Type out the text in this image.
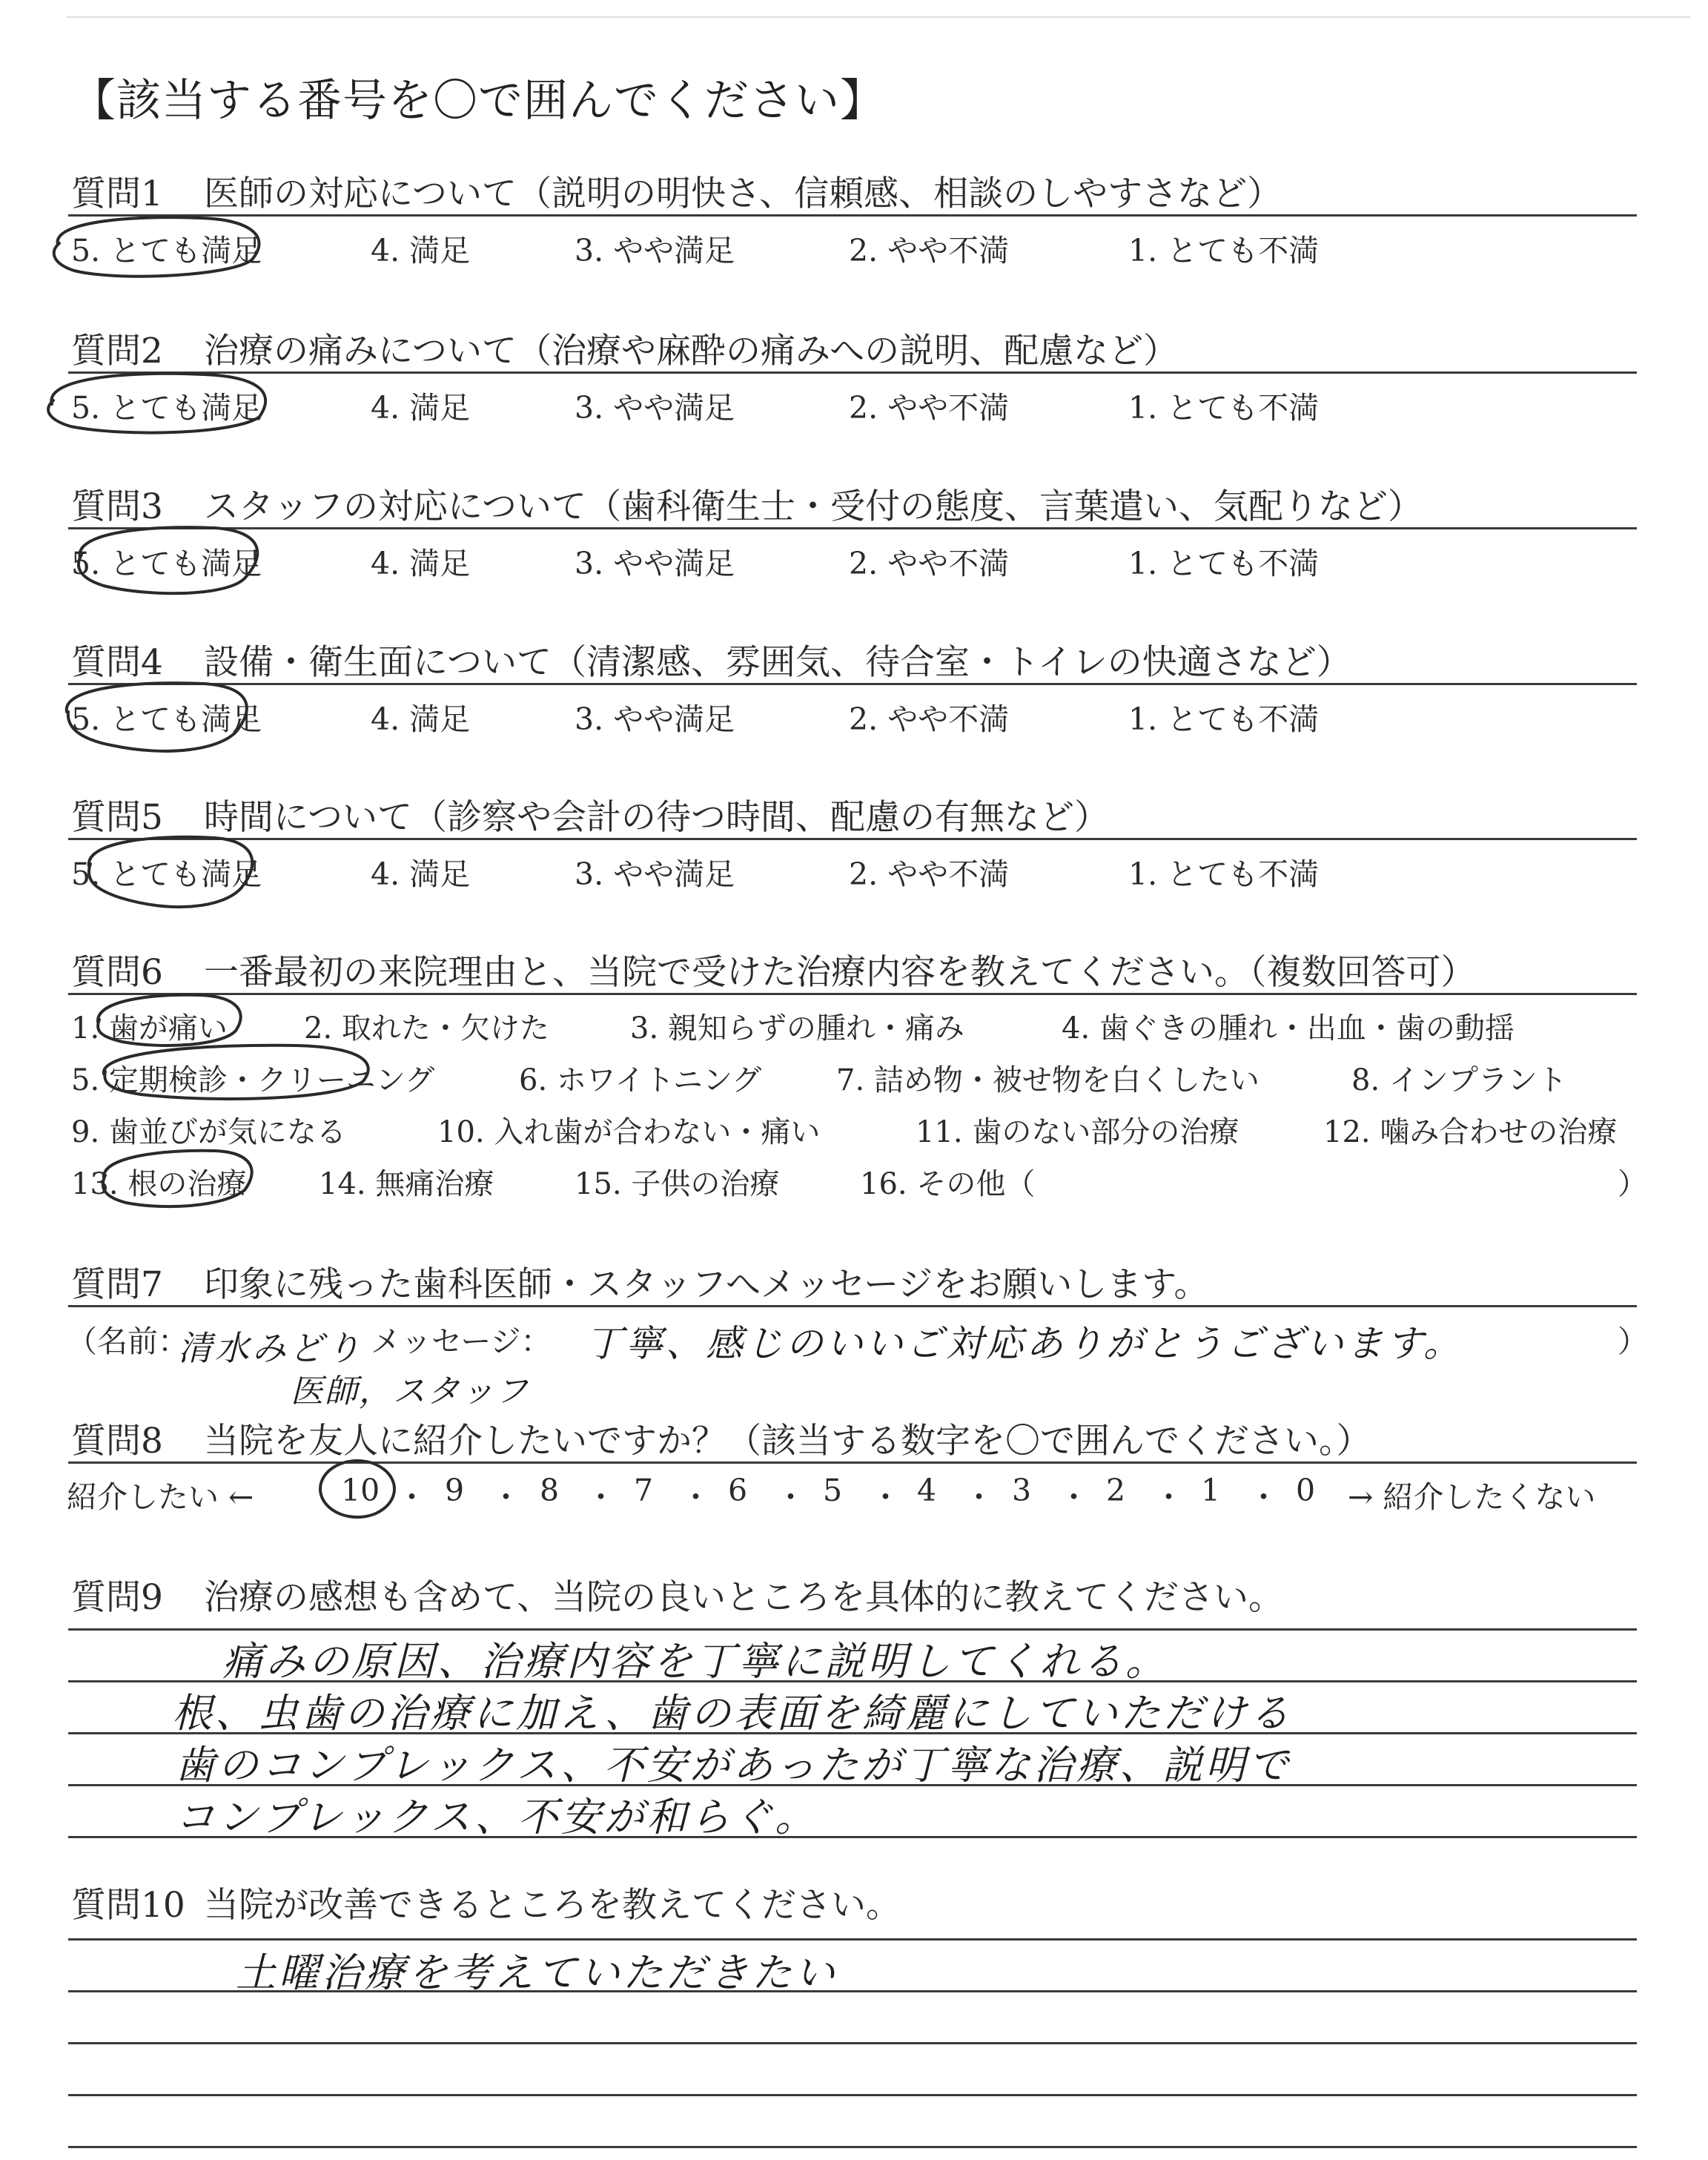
【該当する番号を〇で囲んでください】
質問1 医師の対応について（説明の明快さ、信頼感、相談のしやすさなど）
5. とても満足	4. 満足	3. やや満足	2. やや不満	1. とても不満
質問2 治療の痛みについて（治療や麻酔の痛みへの説明、配慮など）
5. とても満足	4. 満足	3. やや満足	2. やや不満	1. とても不満
質問3 スタッフの対応について（歯科衛生士・受付の態度、言葉遣い、気配りなど）
5. とても満足	4. 満足	3. やや満足	2. やや不満	1. とても不満
質問4 設備・衛生面について（清潔感、雰囲気、待合室・トイレの快適さなど）
5. とても満足	4. 満足	3. やや満足	2. やや不満	1. とても不満
質問5 時間について（診察や会計の待つ時間、配慮の有無など）
5. とても満足	4. 満足	3. やや満足	2. やや不満	1. とても不満
質問6 一番最初の来院理由と、当院で受けた治療内容を教えてください。（複数回答可）
1. 歯が痛い	2. 取れた・欠けた	3. 親知らずの腫れ・痛み	4. 歯ぐきの腫れ・出血・歯の動揺
5. 定期検診・クリーニング	6. ホワイトニング	7. 詰め物・被せ物を白くしたい	8. インプラント
9. 歯並びが気になる	10. 入れ歯が合わない・痛い	11. 歯のない部分の治療	12. 噛み合わせの治療
13. 根の治療 14. 無痛治療	15. 子供の治療	16. その他（	）
質問7 印象に残った歯科医師・スタッフへメッセージをお願いします。
（名前：
清水みどり
医師，スタッフ
メッセージ： 丁寧、感じのいいご対応ありがとうございます。	）
質問8 当院を友人に紹介したいですか？（該当する数字を〇で囲んでください。）
紹介したい ←	→ 紹介したくない
質問9 治療の感想も含めて、当院の良いところを具体的に教えてください。
痛みの原因、治療内容を丁寧に説明してくれる。
根、虫歯の治療に加え、歯の表面を綺麗にしていただける
歯のコンプレックス、不安があったが丁寧な治療、説明で
コンプレックス、不安が和らぐ。
質問10 当院が改善できるところを教えてください。
土曜治療を考えていただきたい
10 9 8 7 6 5 4 3 2 1 0
・ ・ ・ ・ ・ ・ ・ ・ ・ ・
